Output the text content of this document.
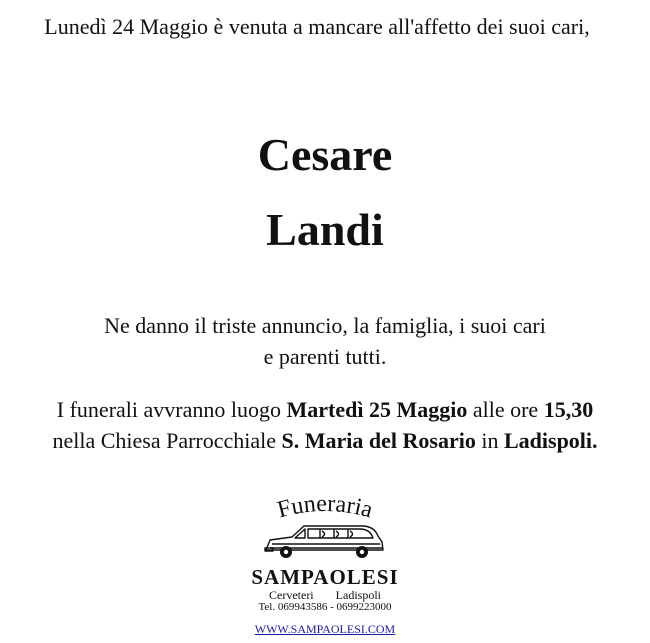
Lunedì 24 Maggio è venuta a mancare all'affetto dei suoi cari,
Cesare
Landi
Ne danno il triste annuncio, la famiglia, i suoi cari
e parenti tutti.
I funerali avvranno luogo Martedì 25 Maggio alle ore 15,30
nella Chiesa Parrocchiale S. Maria del Rosario in Ladispoli.
Funeraria
SAMPAOLESI
Cerveteri Ladispoli
Tel. 069943586 - 0699223000
WWW.SAMPAOLESI.COM
